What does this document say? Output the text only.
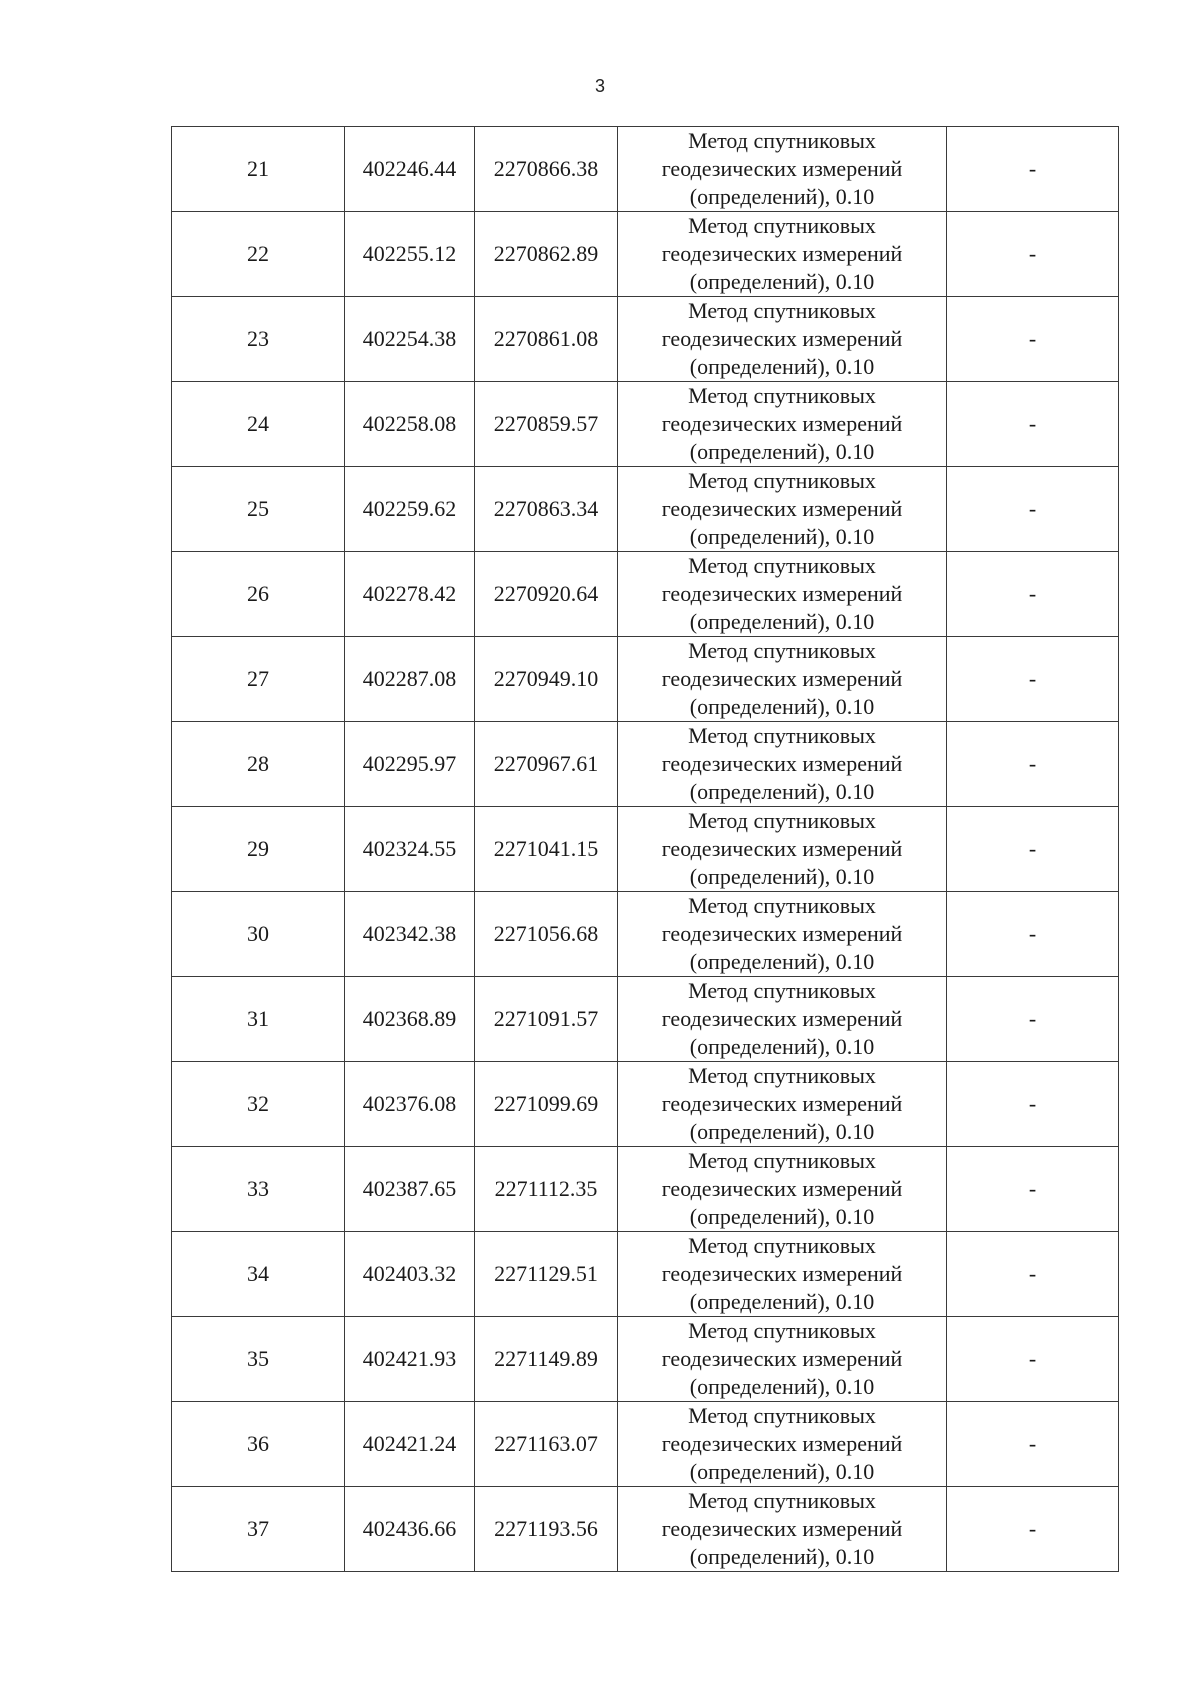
3
21	402246.44	2270866.38	Метод спутниковых
геодезических измерений
(определений), 0.10	-
22	402255.12	2270862.89	Метод спутниковых
геодезических измерений
(определений), 0.10	-
23	402254.38	2270861.08	Метод спутниковых
геодезических измерений
(определений), 0.10	-
24	402258.08	2270859.57	Метод спутниковых
геодезических измерений
(определений), 0.10	-
25	402259.62	2270863.34	Метод спутниковых
геодезических измерений
(определений), 0.10	-
26	402278.42	2270920.64	Метод спутниковых
геодезических измерений
(определений), 0.10	-
27	402287.08	2270949.10	Метод спутниковых
геодезических измерений
(определений), 0.10	-
28	402295.97	2270967.61	Метод спутниковых
геодезических измерений
(определений), 0.10	-
29	402324.55	2271041.15	Метод спутниковых
геодезических измерений
(определений), 0.10	-
30	402342.38	2271056.68	Метод спутниковых
геодезических измерений
(определений), 0.10	-
31	402368.89	2271091.57	Метод спутниковых
геодезических измерений
(определений), 0.10	-
32	402376.08	2271099.69	Метод спутниковых
геодезических измерений
(определений), 0.10	-
33	402387.65	2271112.35	Метод спутниковых
геодезических измерений
(определений), 0.10	-
34	402403.32	2271129.51	Метод спутниковых
геодезических измерений
(определений), 0.10	-
35	402421.93	2271149.89	Метод спутниковых
геодезических измерений
(определений), 0.10	-
36	402421.24	2271163.07	Метод спутниковых
геодезических измерений
(определений), 0.10	-
37	402436.66	2271193.56	Метод спутниковых
геодезических измерений
(определений), 0.10	-
